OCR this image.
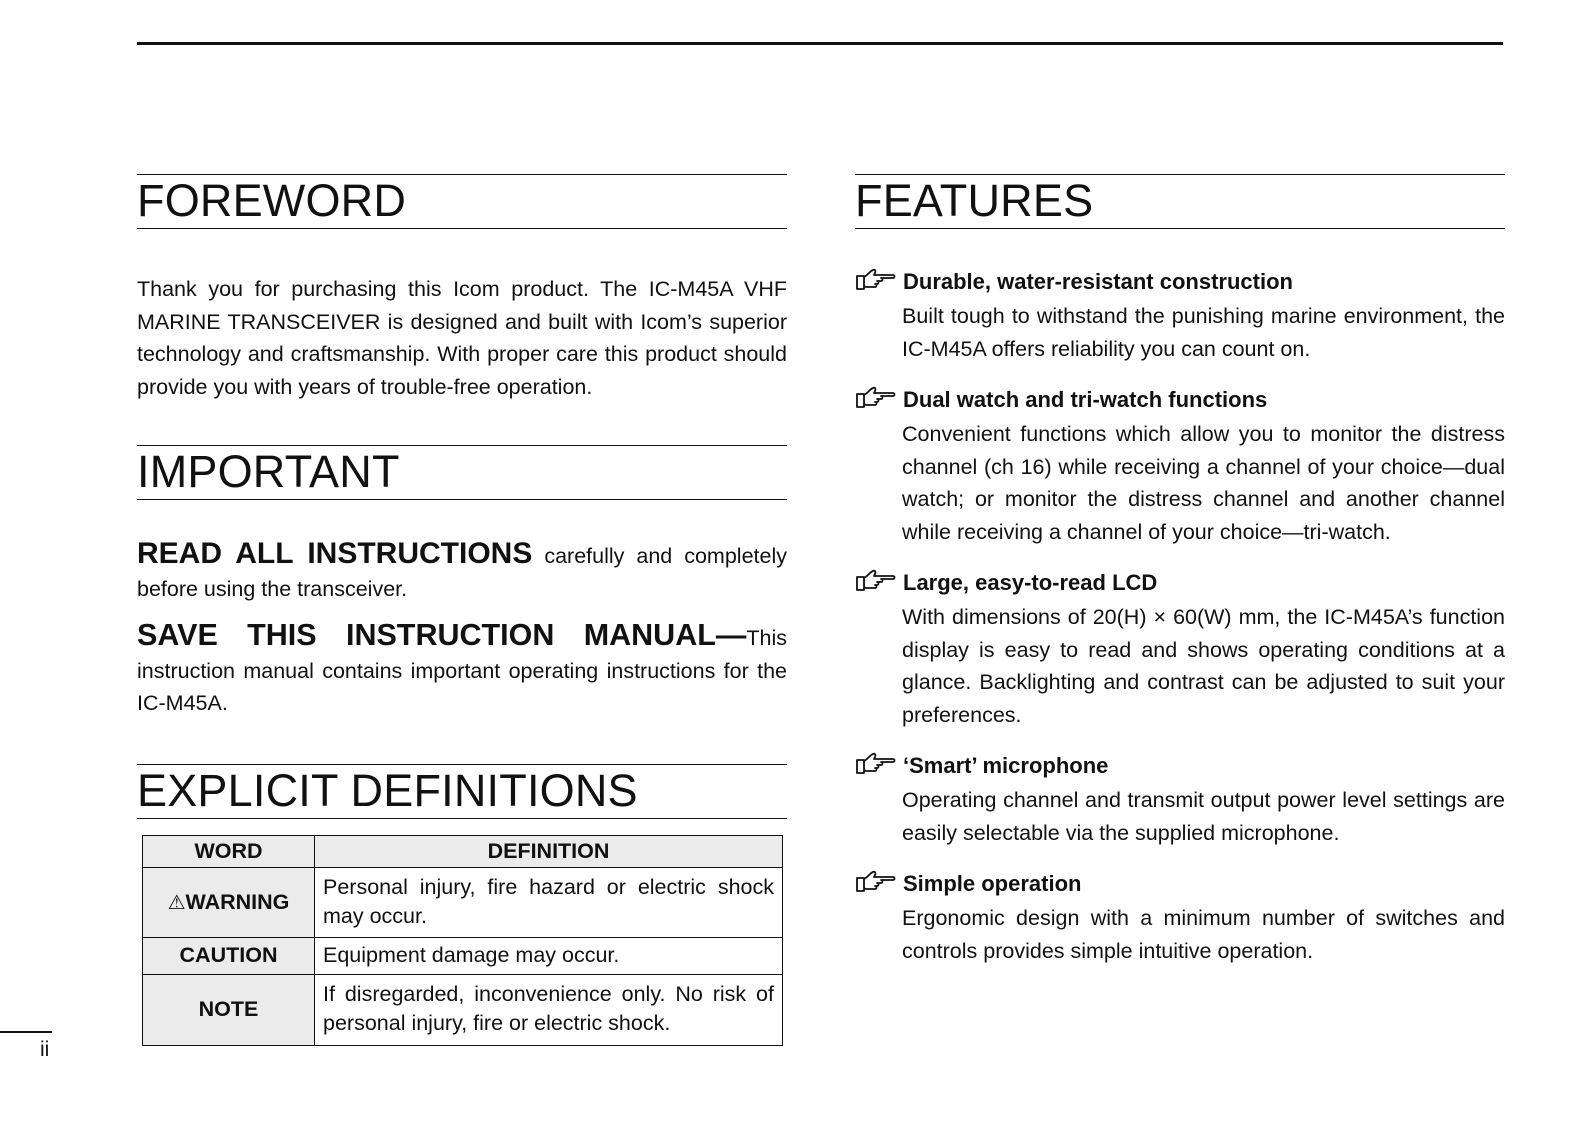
FOREWORD

Thank you for purchasing this Icom product. The IC-M45A VHF MARINE TRANSCEIVER is designed and built with Icom’s superior technology and craftsmanship. With proper care this product should provide you with years of trouble-free operation.

IMPORTANT

READ ALL INSTRUCTIONS carefully and completely before using the transceiver.

SAVE THIS INSTRUCTION MANUAL—This instruction manual contains important operating instructions for the IC-M45A.

EXPLICIT DEFINITIONS
WORD	DEFINITION
⚠WARNING	Personal injury, fire hazard or electric shock may occur.
CAUTION	Equipment damage may occur.
NOTE	If disregarded, inconvenience only. No risk of personal injury, fire or electric shock.
FEATURES
Durable, water-resistant construction

Built tough to withstand the punishing marine environment, the IC-M45A offers reliability you can count on.

Dual watch and tri-watch functions

Convenient functions which allow you to monitor the distress channel (ch 16) while receiving a channel of your choice—dual watch; or monitor the distress channel and another channel while receiving a channel of your choice—tri-watch.

Large, easy-to-read LCD

With dimensions of 20(H) × 60(W) mm, the IC-M45A’s function display is easy to read and shows operating conditions at a glance. Backlighting and contrast can be adjusted to suit your preferences.

‘Smart’ microphone

Operating channel and transmit output power level settings are easily selectable via the supplied microphone.

Simple operation

Ergonomic design with a minimum number of switches and controls provides simple intuitive operation.

ii
